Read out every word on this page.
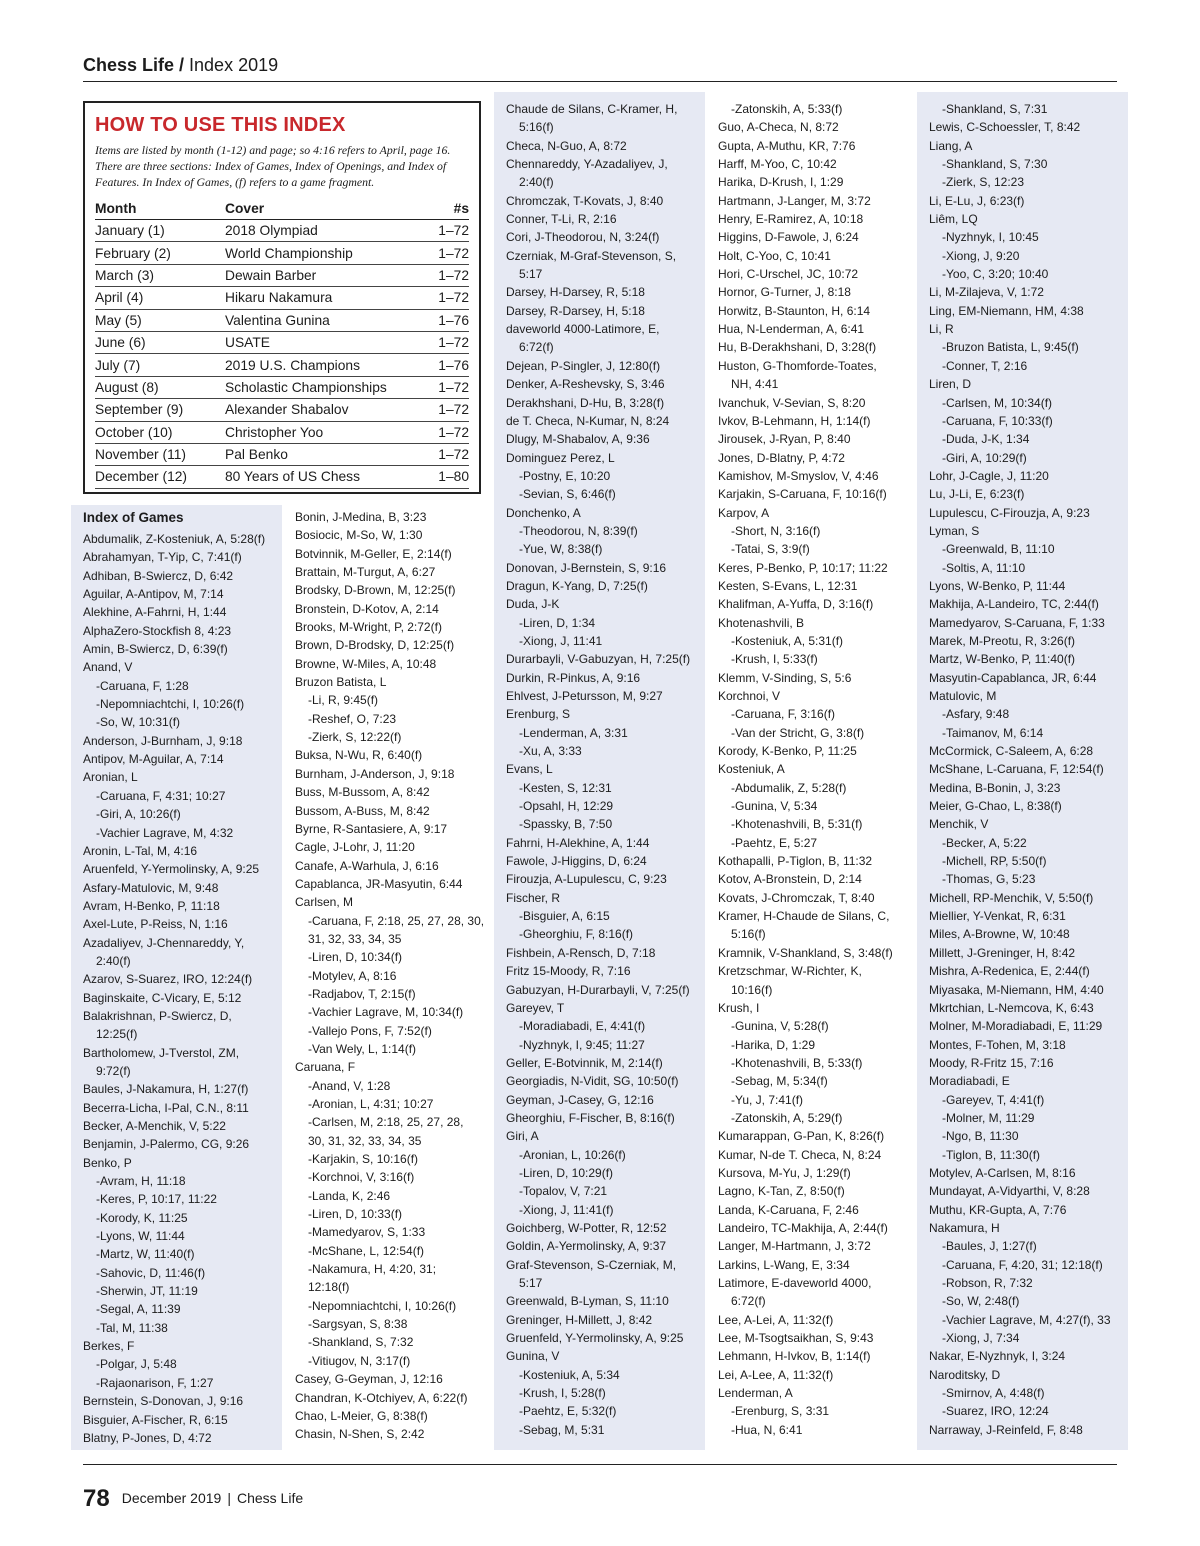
Chess Life / Index 2019
HOW TO USE THIS INDEX

Items are listed by month (1-12) and page; so 4:16 refers to April, page 16. There are three sections: Index of Games, Index of Openings, and Index of Features. In Index of Games, (f) refers to a game fragment.

Month	Cover	#s
January (1)	2018 Olympiad	1–72
February (2)	World Championship	1–72
March (3)	Dewain Barber	1–72
April (4)	Hikaru Nakamura	1–72
May (5)	Valentina Gunina	1–76
June (6)	USATE	1–72
July (7)	2019 U.S. Champions	1–76
August (8)	Scholastic Championships	1–72
September (9)	Alexander Shabalov	1–72
October (10)	Christopher Yoo	1–72
November (11)	Pal Benko	1–72
December (12)	80 Years of US Chess	1–80
Index of Games
Abdumalik, Z-Kosteniuk, A, 5:28(f)
Abrahamyan, T-Yip, C, 7:41(f)
Adhiban, B-Swiercz, D, 6:42
Aguilar, A-Antipov, M, 7:14
Alekhine, A-Fahrni, H, 1:44
AlphaZero-Stockfish 8, 4:23
Amin, B-Swiercz, D, 6:39(f)
Anand, V
-Caruana, F, 1:28
-Nepomniachtchi, I, 10:26(f)
-So, W, 10:31(f)
Anderson, J-Burnham, J, 9:18
Antipov, M-Aguilar, A, 7:14
Aronian, L
-Caruana, F, 4:31; 10:27
-Giri, A, 10:26(f)
-Vachier Lagrave, M, 4:32
Aronin, L-Tal, M, 4:16
Aruenfeld, Y-Yermolinsky, A, 9:25
Asfary-Matulovic, M, 9:48
Avram, H-Benko, P, 11:18
Axel-Lute, P-Reiss, N, 1:16
Azadaliyev, J-Chennareddy, Y,
2:40(f)
Azarov, S-Suarez, IRO, 12:24(f)
Baginskaite, C-Vicary, E, 5:12
Balakrishnan, P-Swiercz, D,
12:25(f)
Bartholomew, J-Tverstol, ZM,
9:72(f)
Baules, J-Nakamura, H, 1:27(f)
Becerra-Licha, I-Pal, C.N., 8:11
Becker, A-Menchik, V, 5:22
Benjamin, J-Palermo, CG, 9:26
Benko, P
-Avram, H, 11:18
-Keres, P, 10:17, 11:22
-Korody, K, 11:25
-Lyons, W, 11:44
-Martz, W, 11:40(f)
-Sahovic, D, 11:46(f)
-Sherwin, JT, 11:19
-Segal, A, 11:39
-Tal, M, 11:38
Berkes, F
-Polgar, J, 5:48
-Rajaonarison, F, 1:27
Bernstein, S-Donovan, J, 9:16
Bisguier, A-Fischer, R, 6:15
Blatny, P-Jones, D, 4:72
Bonin, J-Medina, B, 3:23
Bosiocic, M-So, W, 1:30
Botvinnik, M-Geller, E, 2:14(f)
Brattain, M-Turgut, A, 6:27
Brodsky, D-Brown, M, 12:25(f)
Bronstein, D-Kotov, A, 2:14
Brooks, M-Wright, P, 2:72(f)
Brown, D-Brodsky, D, 12:25(f)
Browne, W-Miles, A, 10:48
Bruzon Batista, L
-Li, R, 9:45(f)
-Reshef, O, 7:23
-Zierk, S, 12:22(f)
Buksa, N-Wu, R, 6:40(f)
Burnham, J-Anderson, J, 9:18
Buss, M-Bussom, A, 8:42
Bussom, A-Buss, M, 8:42
Byrne, R-Santasiere, A, 9:17
Cagle, J-Lohr, J, 11:20
Canafe, A-Warhula, J, 6:16
Capablanca, JR-Masyutin, 6:44
Carlsen, M
-Caruana, F, 2:18, 25, 27, 28, 30,
31, 32, 33, 34, 35
-Liren, D, 10:34(f)
-Motylev, A, 8:16
-Radjabov, T, 2:15(f)
-Vachier Lagrave, M, 10:34(f)
-Vallejo Pons, F, 7:52(f)
-Van Wely, L, 1:14(f)
Caruana, F
-Anand, V, 1:28
-Aronian, L, 4:31; 10:27
-Carlsen, M, 2:18, 25, 27, 28,
30, 31, 32, 33, 34, 35
-Karjakin, S, 10:16(f)
-Korchnoi, V, 3:16(f)
-Landa, K, 2:46
-Liren, D, 10:33(f)
-Mamedyarov, S, 1:33
-McShane, L, 12:54(f)
-Nakamura, H, 4:20, 31;
12:18(f)
-Nepomniachtchi, I, 10:26(f)
-Sargsyan, S, 8:38
-Shankland, S, 7:32
-Vitiugov, N, 3:17(f)
Casey, G-Geyman, J, 12:16
Chandran, K-Otchiyev, A, 6:22(f)
Chao, L-Meier, G, 8:38(f)
Chasin, N-Shen, S, 2:42
Chaude de Silans, C-Kramer, H,
5:16(f)
Checa, N-Guo, A, 8:72
Chennareddy, Y-Azadaliyev, J,
2:40(f)
Chromczak, T-Kovats, J, 8:40
Conner, T-Li, R, 2:16
Cori, J-Theodorou, N, 3:24(f)
Czerniak, M-Graf-Stevenson, S,
5:17
Darsey, H-Darsey, R, 5:18
Darsey, R-Darsey, H, 5:18
daveworld 4000-Latimore, E,
6:72(f)
Dejean, P-Singler, J, 12:80(f)
Denker, A-Reshevsky, S, 3:46
Derakhshani, D-Hu, B, 3:28(f)
de T. Checa, N-Kumar, N, 8:24
Dlugy, M-Shabalov, A, 9:36
Dominguez Perez, L
-Postny, E, 10:20
-Sevian, S, 6:46(f)
Donchenko, A
-Theodorou, N, 8:39(f)
-Yue, W, 8:38(f)
Donovan, J-Bernstein, S, 9:16
Dragun, K-Yang, D, 7:25(f)
Duda, J-K
-Liren, D, 1:34
-Xiong, J, 11:41
Durarbayli, V-Gabuzyan, H, 7:25(f)
Durkin, R-Pinkus, A, 9:16
Ehlvest, J-Petursson, M, 9:27
Erenburg, S
-Lenderman, A, 3:31
-Xu, A, 3:33
Evans, L
-Kesten, S, 12:31
-Opsahl, H, 12:29
-Spassky, B, 7:50
Fahrni, H-Alekhine, A, 1:44
Fawole, J-Higgins, D, 6:24
Firouzja, A-Lupulescu, C, 9:23
Fischer, R
-Bisguier, A, 6:15
-Gheorghiu, F, 8:16(f)
Fishbein, A-Rensch, D, 7:18
Fritz 15-Moody, R, 7:16
Gabuzyan, H-Durarbayli, V, 7:25(f)
Gareyev, T
-Moradiabadi, E, 4:41(f)
-Nyzhnyk, I, 9:45; 11:27
Geller, E-Botvinnik, M, 2:14(f)
Georgiadis, N-Vidit, SG, 10:50(f)
Geyman, J-Casey, G, 12:16
Gheorghiu, F-Fischer, B, 8:16(f)
Giri, A
-Aronian, L, 10:26(f)
-Liren, D, 10:29(f)
-Topalov, V, 7:21
-Xiong, J, 11:41(f)
Goichberg, W-Potter, R, 12:52
Goldin, A-Yermolinsky, A, 9:37
Graf-Stevenson, S-Czerniak, M,
5:17
Greenwald, B-Lyman, S, 11:10
Greninger, H-Millett, J, 8:42
Gruenfeld, Y-Yermolinsky, A, 9:25
Gunina, V
-Kosteniuk, A, 5:34
-Krush, I, 5:28(f)
-Paehtz, E, 5:32(f)
-Sebag, M, 5:31
-Zatonskih, A, 5:33(f)
Guo, A-Checa, N, 8:72
Gupta, A-Muthu, KR, 7:76
Harff, M-Yoo, C, 10:42
Harika, D-Krush, I, 1:29
Hartmann, J-Langer, M, 3:72
Henry, E-Ramirez, A, 10:18
Higgins, D-Fawole, J, 6:24
Holt, C-Yoo, C, 10:41
Hori, C-Urschel, JC, 10:72
Hornor, G-Turner, J, 8:18
Horwitz, B-Staunton, H, 6:14
Hua, N-Lenderman, A, 6:41
Hu, B-Derakhshani, D, 3:28(f)
Huston, G-Thomforde-Toates,
NH, 4:41
Ivanchuk, V-Sevian, S, 8:20
Ivkov, B-Lehmann, H, 1:14(f)
Jirousek, J-Ryan, P, 8:40
Jones, D-Blatny, P, 4:72
Kamishov, M-Smyslov, V, 4:46
Karjakin, S-Caruana, F, 10:16(f)
Karpov, A
-Short, N, 3:16(f)
-Tatai, S, 3:9(f)
Keres, P-Benko, P, 10:17; 11:22
Kesten, S-Evans, L, 12:31
Khalifman, A-Yuffa, D, 3:16(f)
Khotenashvili, B
-Kosteniuk, A, 5:31(f)
-Krush, I, 5:33(f)
Klemm, V-Sinding, S, 5:6
Korchnoi, V
-Caruana, F, 3:16(f)
-Van der Stricht, G, 3:8(f)
Korody, K-Benko, P, 11:25
Kosteniuk, A
-Abdumalik, Z, 5:28(f)
-Gunina, V, 5:34
-Khotenashvili, B, 5:31(f)
-Paehtz, E, 5:27
Kothapalli, P-Tiglon, B, 11:32
Kotov, A-Bronstein, D, 2:14
Kovats, J-Chromczak, T, 8:40
Kramer, H-Chaude de Silans, C,
5:16(f)
Kramnik, V-Shankland, S, 3:48(f)
Kretzschmar, W-Richter, K,
10:16(f)
Krush, I
-Gunina, V, 5:28(f)
-Harika, D, 1:29
-Khotenashvili, B, 5:33(f)
-Sebag, M, 5:34(f)
-Yu, J, 7:41(f)
-Zatonskih, A, 5:29(f)
Kumarappan, G-Pan, K, 8:26(f)
Kumar, N-de T. Checa, N, 8:24
Kursova, M-Yu, J, 1:29(f)
Lagno, K-Tan, Z, 8:50(f)
Landa, K-Caruana, F, 2:46
Landeiro, TC-Makhija, A, 2:44(f)
Langer, M-Hartmann, J, 3:72
Larkins, L-Wang, E, 3:34
Latimore, E-daveworld 4000,
6:72(f)
Lee, A-Lei, A, 11:32(f)
Lee, M-Tsogtsaikhan, S, 9:43
Lehmann, H-Ivkov, B, 1:14(f)
Lei, A-Lee, A, 11:32(f)
Lenderman, A
-Erenburg, S, 3:31
-Hua, N, 6:41
-Shankland, S, 7:31
Lewis, C-Schoessler, T, 8:42
Liang, A
-Shankland, S, 7:30
-Zierk, S, 12:23
Li, E-Lu, J, 6:23(f)
Liêm, LQ
-Nyzhnyk, I, 10:45
-Xiong, J, 9:20
-Yoo, C, 3:20; 10:40
Li, M-Zilajeva, V, 1:72
Ling, EM-Niemann, HM, 4:38
Li, R
-Bruzon Batista, L, 9:45(f)
-Conner, T, 2:16
Liren, D
-Carlsen, M, 10:34(f)
-Caruana, F, 10:33(f)
-Duda, J-K, 1:34
-Giri, A, 10:29(f)
Lohr, J-Cagle, J, 11:20
Lu, J-Li, E, 6:23(f)
Lupulescu, C-Firouzja, A, 9:23
Lyman, S
-Greenwald, B, 11:10
-Soltis, A, 11:10
Lyons, W-Benko, P, 11:44
Makhija, A-Landeiro, TC, 2:44(f)
Mamedyarov, S-Caruana, F, 1:33
Marek, M-Preotu, R, 3:26(f)
Martz, W-Benko, P, 11:40(f)
Masyutin-Capablanca, JR, 6:44
Matulovic, M
-Asfary, 9:48
-Taimanov, M, 6:14
McCormick, C-Saleem, A, 6:28
McShane, L-Caruana, F, 12:54(f)
Medina, B-Bonin, J, 3:23
Meier, G-Chao, L, 8:38(f)
Menchik, V
-Becker, A, 5:22
-Michell, RP, 5:50(f)
-Thomas, G, 5:23
Michell, RP-Menchik, V, 5:50(f)
Miellier, Y-Venkat, R, 6:31
Miles, A-Browne, W, 10:48
Millett, J-Greninger, H, 8:42
Mishra, A-Redenica, E, 2:44(f)
Miyasaka, M-Niemann, HM, 4:40
Mkrtchian, L-Nemcova, K, 6:43
Molner, M-Moradiabadi, E, 11:29
Montes, F-Tohen, M, 3:18
Moody, R-Fritz 15, 7:16
Moradiabadi, E
-Gareyev, T, 4:41(f)
-Molner, M, 11:29
-Ngo, B, 11:30
-Tiglon, B, 11:30(f)
Motylev, A-Carlsen, M, 8:16
Mundayat, A-Vidyarthi, V, 8:28
Muthu, KR-Gupta, A, 7:76
Nakamura, H
-Baules, J, 1:27(f)
-Caruana, F, 4:20, 31; 12:18(f)
-Robson, R, 7:32
-So, W, 2:48(f)
-Vachier Lagrave, M, 4:27(f), 33
-Xiong, J, 7:34
Nakar, E-Nyzhnyk, I, 3:24
Naroditsky, D
-Smirnov, A, 4:48(f)
-Suarez, IRO, 12:24
Narraway, J-Reinfeld, F, 8:48
78 December 2019 | Chess Life
